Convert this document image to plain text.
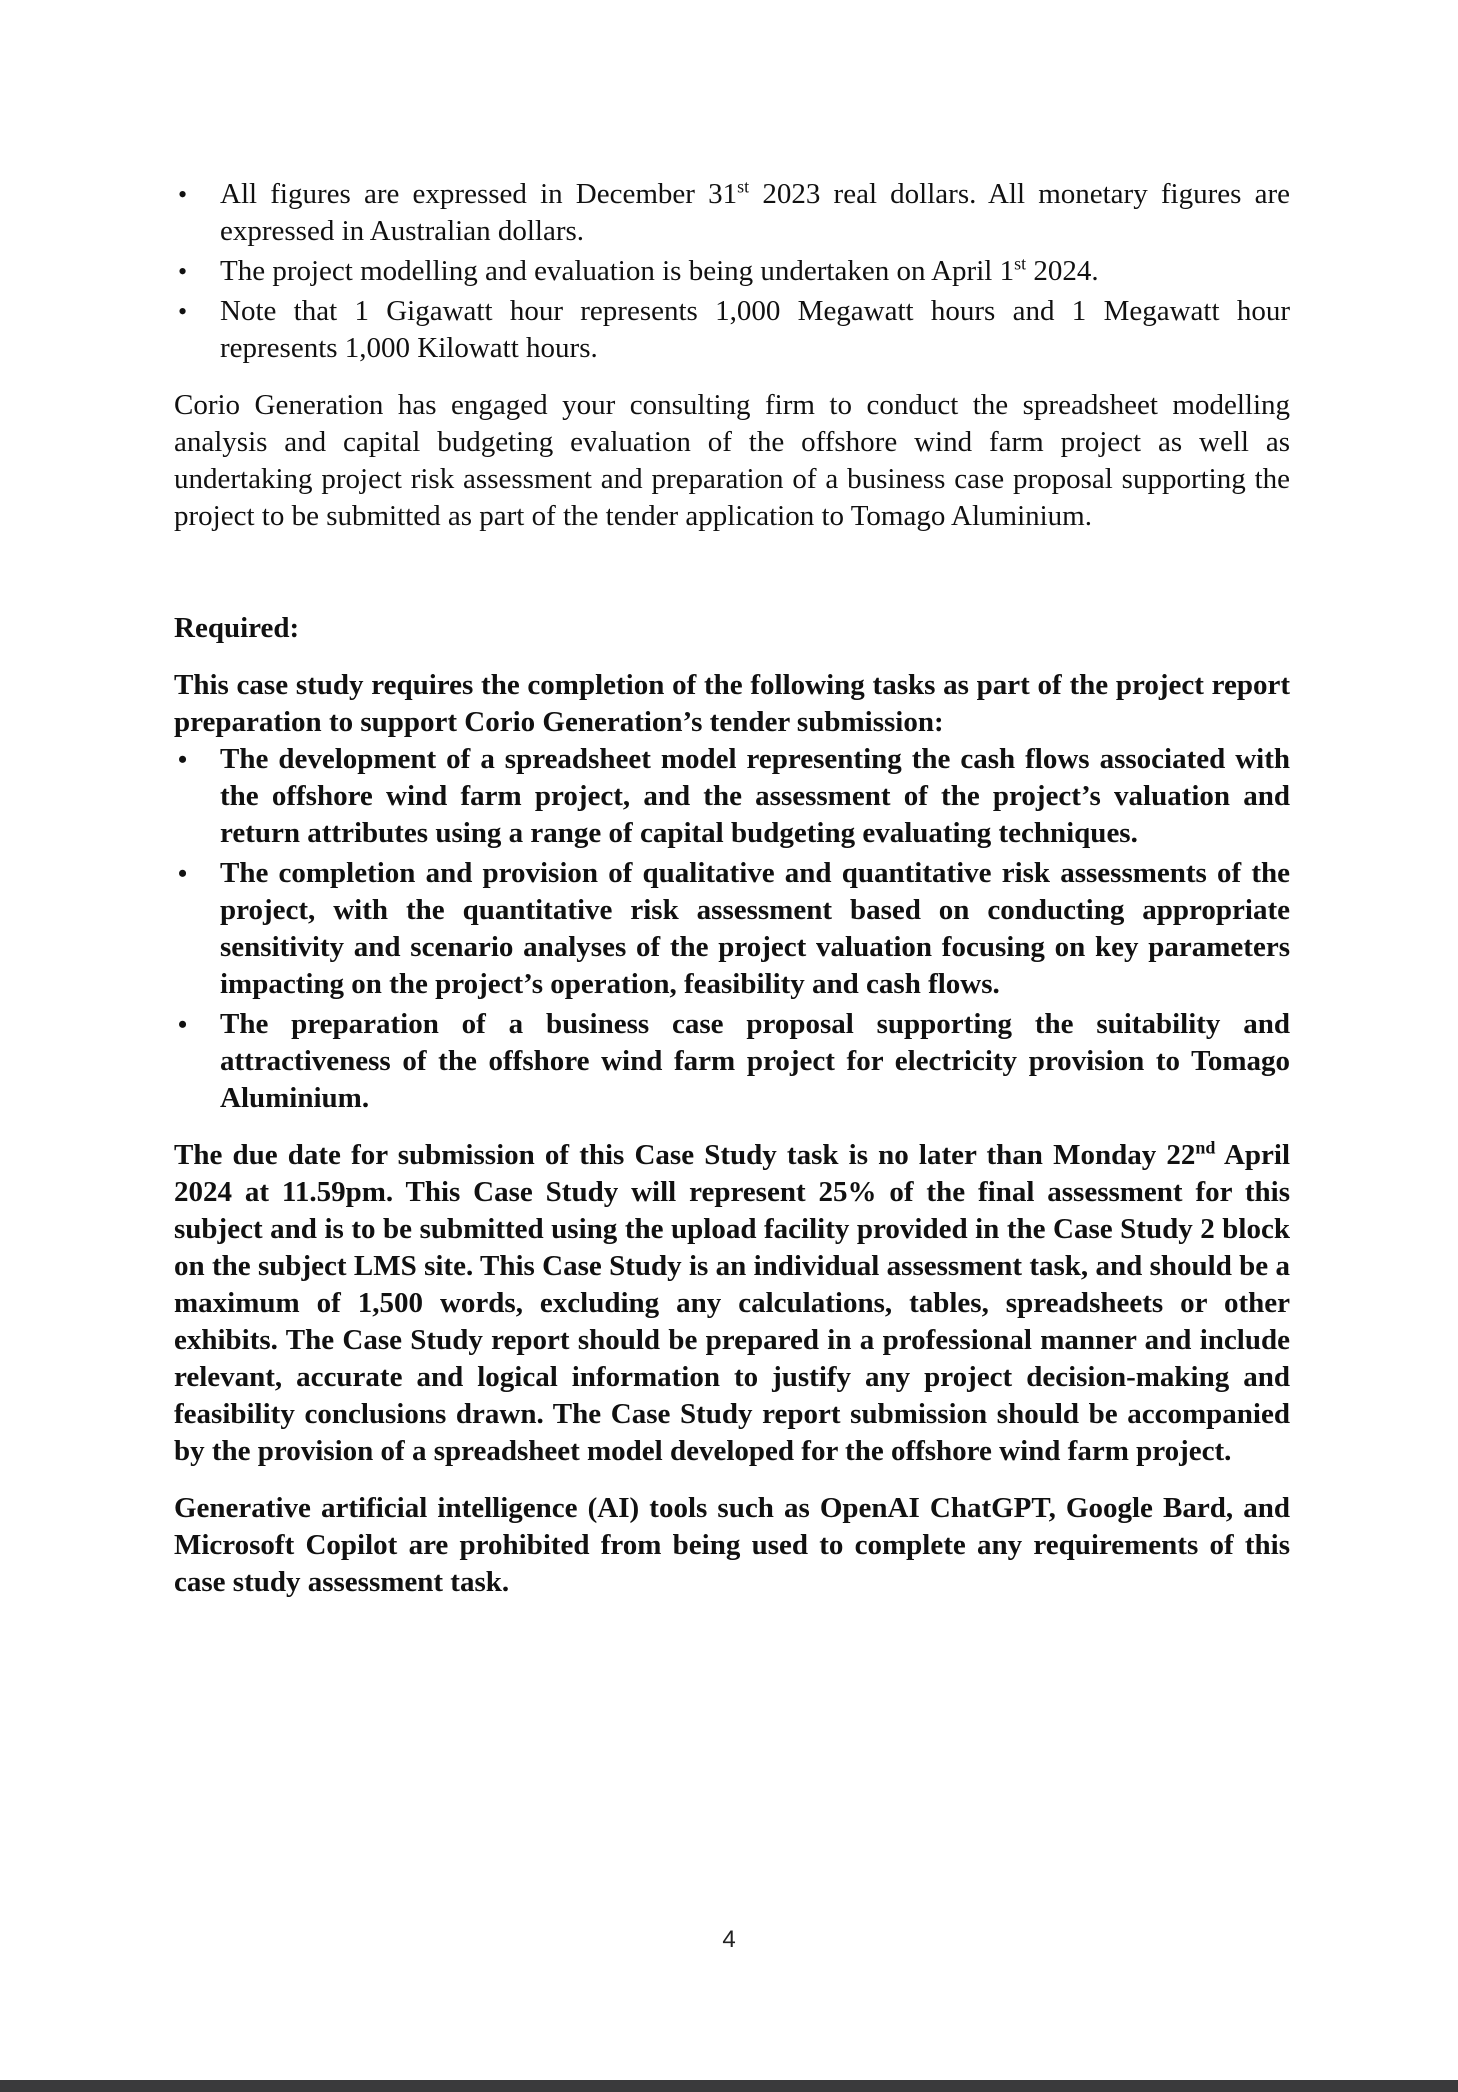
• All figures are expressed in December 31st 2023 real dollars. All monetary figures are expressed in Australian dollars.
• The project modelling and evaluation is being undertaken on April 1st 2024.
• Note that 1 Gigawatt hour represents 1,000 Megawatt hours and 1 Megawatt hour represents 1,000 Kilowatt hours.

Corio Generation has engaged your consulting firm to conduct the spreadsheet modelling analysis and capital budgeting evaluation of the offshore wind farm project as well as undertaking project risk assessment and preparation of a business case proposal supporting the project to be submitted as part of the tender application to Tomago Aluminium.

Required:

This case study requires the completion of the following tasks as part of the project report preparation to support Corio Generation’s tender submission:

• The development of a spreadsheet model representing the cash flows associated with the offshore wind farm project, and the assessment of the project’s valuation and return attributes using a range of capital budgeting evaluating techniques.
• The completion and provision of qualitative and quantitative risk assessments of the project, with the quantitative risk assessment based on conducting appropriate sensitivity and scenario analyses of the project valuation focusing on key parameters impacting on the project’s operation, feasibility and cash flows.
• The preparation of a business case proposal supporting the suitability and attractiveness of the offshore wind farm project for electricity provision to Tomago Aluminium.

The due date for submission of this Case Study task is no later than Monday 22nd April 2024 at 11.59pm. This Case Study will represent 25% of the final assessment for this subject and is to be submitted using the upload facility provided in the Case Study 2 block on the subject LMS site. This Case Study is an individual assessment task, and should be a maximum of 1,500 words, excluding any calculations, tables, spreadsheets or other exhibits. The Case Study report should be prepared in a professional manner and include relevant, accurate and logical information to justify any project decision-making and feasibility conclusions drawn. The Case Study report submission should be accompanied by the provision of a spreadsheet model developed for the offshore wind farm project.

Generative artificial intelligence (AI) tools such as OpenAI ChatGPT, Google Bard, and Microsoft Copilot are prohibited from being used to complete any requirements of this case study assessment task.

4
